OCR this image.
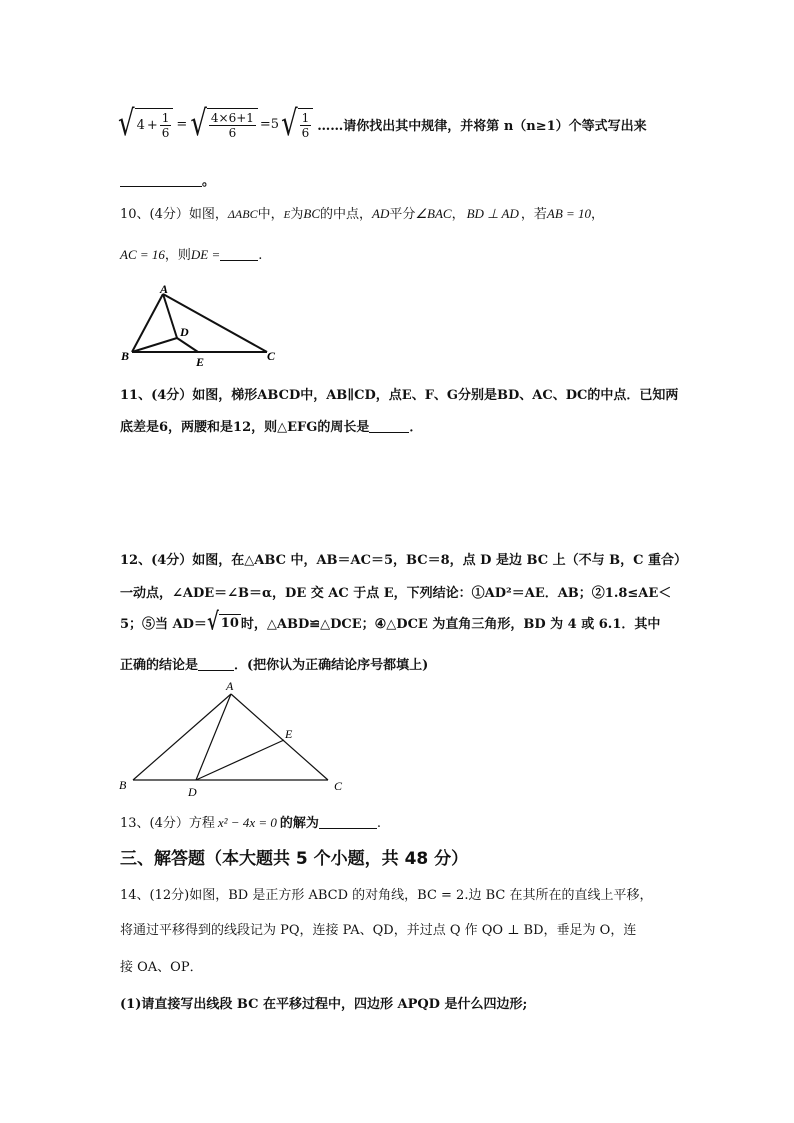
√ $4 + \frac{1}{6}$ = √ $\frac{4\times 6+1}{6} =5$ √ $\frac{1}{6}$ ……请你找出其中规律，并将第 n（n≥1）个等式写出来
。
10、(4分）如图，ΔABC中，E为BC的中点，AD平分∠BAC， BD ⊥ AD ，若AB = 10，
AC = 16，则DE =	.
A
B	C
D
E
11、(4分）如图，梯形ABCD中，AB∥CD，点E、F、G分别是BD、AC、DC的中点．已知两
底差是6，两腰和是12，则△EFG的周长是	．
12、(4分）如图，在△ABC 中，AB＝AC＝5，BC＝8，点 D 是边 BC 上（不与 B，C 重合）
一动点，∠ADE＝∠B＝α，DE 交 AC 于点 E，下列结论：①AD²＝AE．AB；②1.8≤AE＜
5；⑤当 AD＝ √ 10 时，△ABD≌△DCE；④△DCE 为直角三角形，BD 为 4 或 6.1．其中
正确的结论是	．(把你认为正确结论序号都填上)
A
B	C
D
E
13、(4分）方程 x² − 4x = 0 的解为	.
三、解答题（本大题共 5 个小题，共 48 分）
14、(12分)如图，BD 是正方形 ABCD 的对角线，BC = 2.边 BC 在其所在的直线上平移，
将通过平移得到的线段记为 PQ，连接 PA、QD，并过点 Q 作 QO ⊥ BD，垂足为 O，连
接 OA、OP．
(1)请直接写出线段 BC 在平移过程中，四边形 APQD 是什么四边形;
